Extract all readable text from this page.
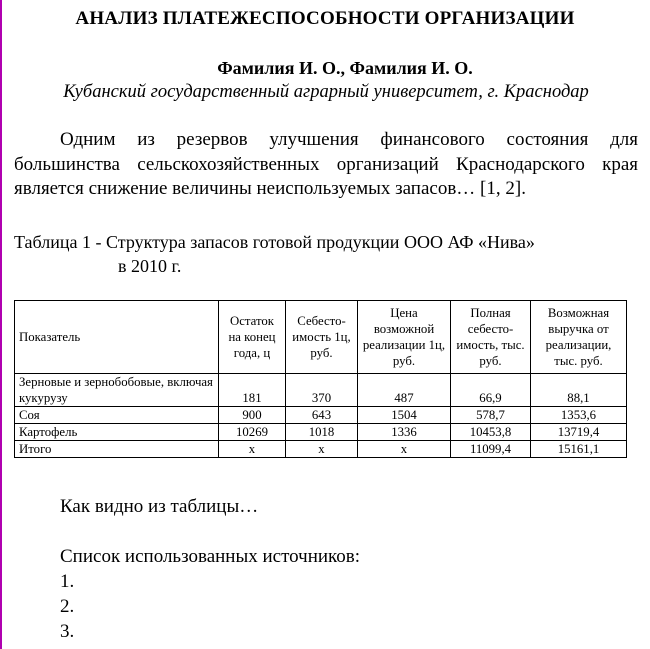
АНАЛИЗ ПЛАТЕЖЕСПОСОБНОСТИ ОРГАНИЗАЦИИ
Фамилия И. О., Фамилия И. О.
Кубанский государственный аграрный университет, г. Краснодар
Одним из резервов улучшения финансового состояния для большинства сельскохозяйственных организаций Краснодарского края является снижение величины неиспользуемых запасов… [1, 2].
Таблица 1 - Структура запасов готовой продукции ООО АФ «Нива»
в 2010 г.
Показатель	Остаток на конец года, ц	Себесто-имость 1ц, руб.	Цена возможной реализации 1ц, руб.	Полная себесто-имость, тыс. руб.	Возможная выручка от реализации, тыс. руб.
Зерновые и зернобобовые, включая кукурузу	181	370	487	66,9	88,1
Соя	900	643	1504	578,7	1353,6
Картофель	10269	1018	1336	10453,8	13719,4
Итого	х	х	х	11099,4	15161,1
Как видно из таблицы…
Список использованных источников:
1.
2.
3.
